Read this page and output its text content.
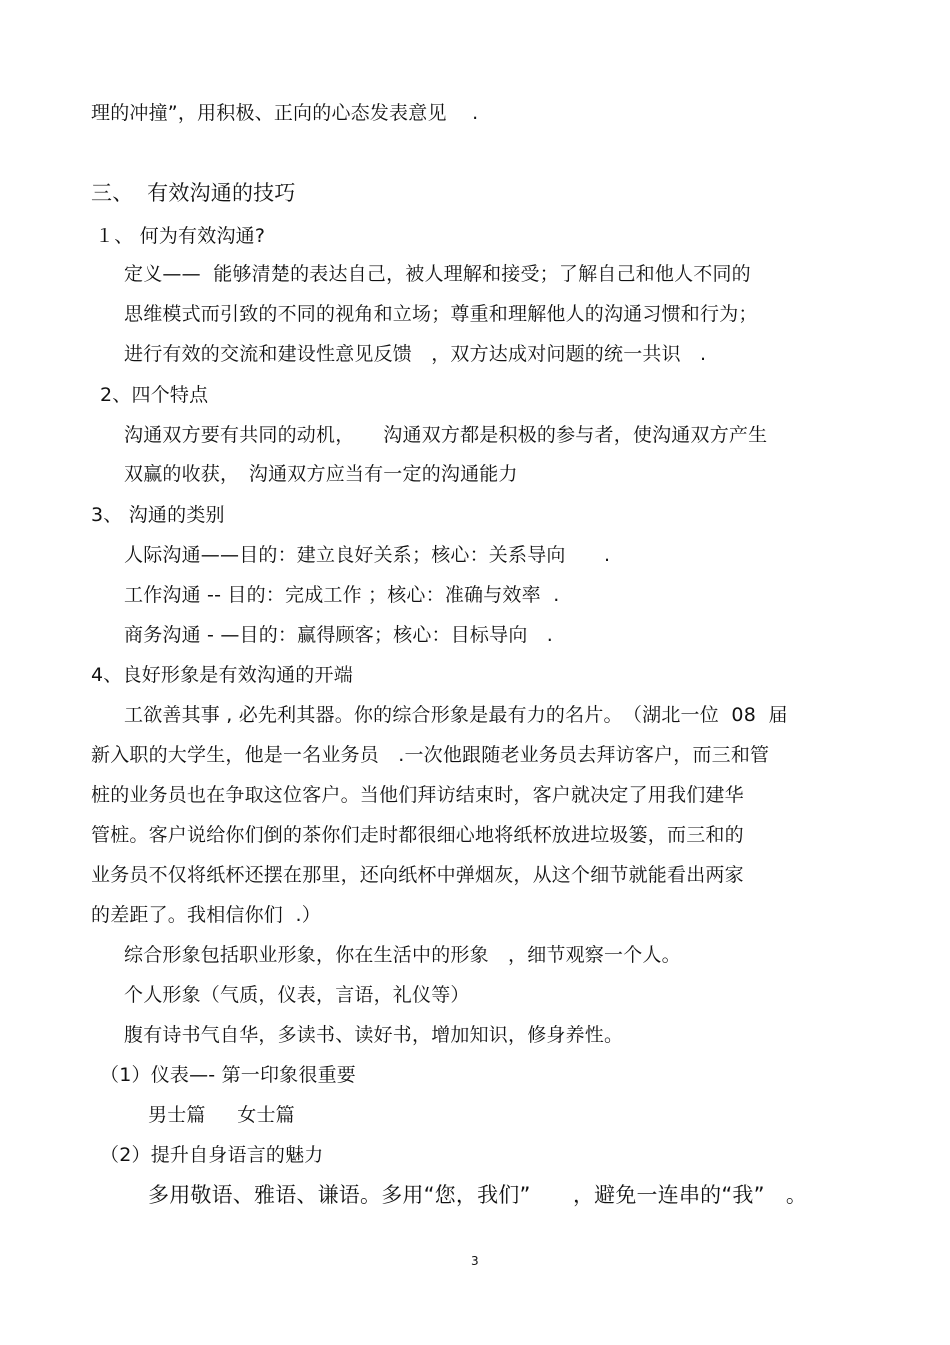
理的冲撞”，用积极、正向的心态发表意见　 .

三、  有效沟通的技巧

１、 何为有效沟通?

定义——  能够清楚的表达自己，被人理解和接受；了解自己和他人不同的

思维模式而引致的不同的视角和立场；尊重和理解他人的沟通习惯和行为；

进行有效的交流和建设性意见反馈　，双方达成对问题的统一共识　.

2、四个特点

沟通双方要有共同的动机，　　沟通双方都是积极的参与者，使沟通双方产生

双赢的收获，　沟通双方应当有一定的沟通能力

3、 沟通的类别

人际沟通——目的：建立良好关系；核心：关系导向　　.

工作沟通 -- 目的：完成工作 ；核心：准确与效率  .

商务沟通 - —目的：赢得顾客；核心：目标导向　.

4、良好形象是有效沟通的开端

工欲善其事 , 必先利其器。你的综合形象是最有力的名片。　（湖北一位  08  届

新入职的大学生，他是一名业务员　.一次他跟随老业务员去拜访客户，而三和管

桩的业务员也在争取这位客户。当他们拜访结束时，客户就决定了用我们建华

管桩。客户说给你们倒的茶你们走时都很细心地将纸杯放进垃圾篓，而三和的

业务员不仅将纸杯还摆在那里，还向纸杯中弹烟灰，从这个细节就能看出两家

的差距了。我相信你们  .）

综合形象包括职业形象，你在生活中的形象　，细节观察一个人。

个人形象（气质，仪表，言语，礼仪等）

腹有诗书气自华，多读书、读好书，增加知识，修身养性。

（1）仪表—- 第一印象很重要

男士篇　  女士篇

（2）提升自身语言的魅力

多用敬语、雅语、谦语。多用“您，我们”　　，避免一连串的“我”　。

3
